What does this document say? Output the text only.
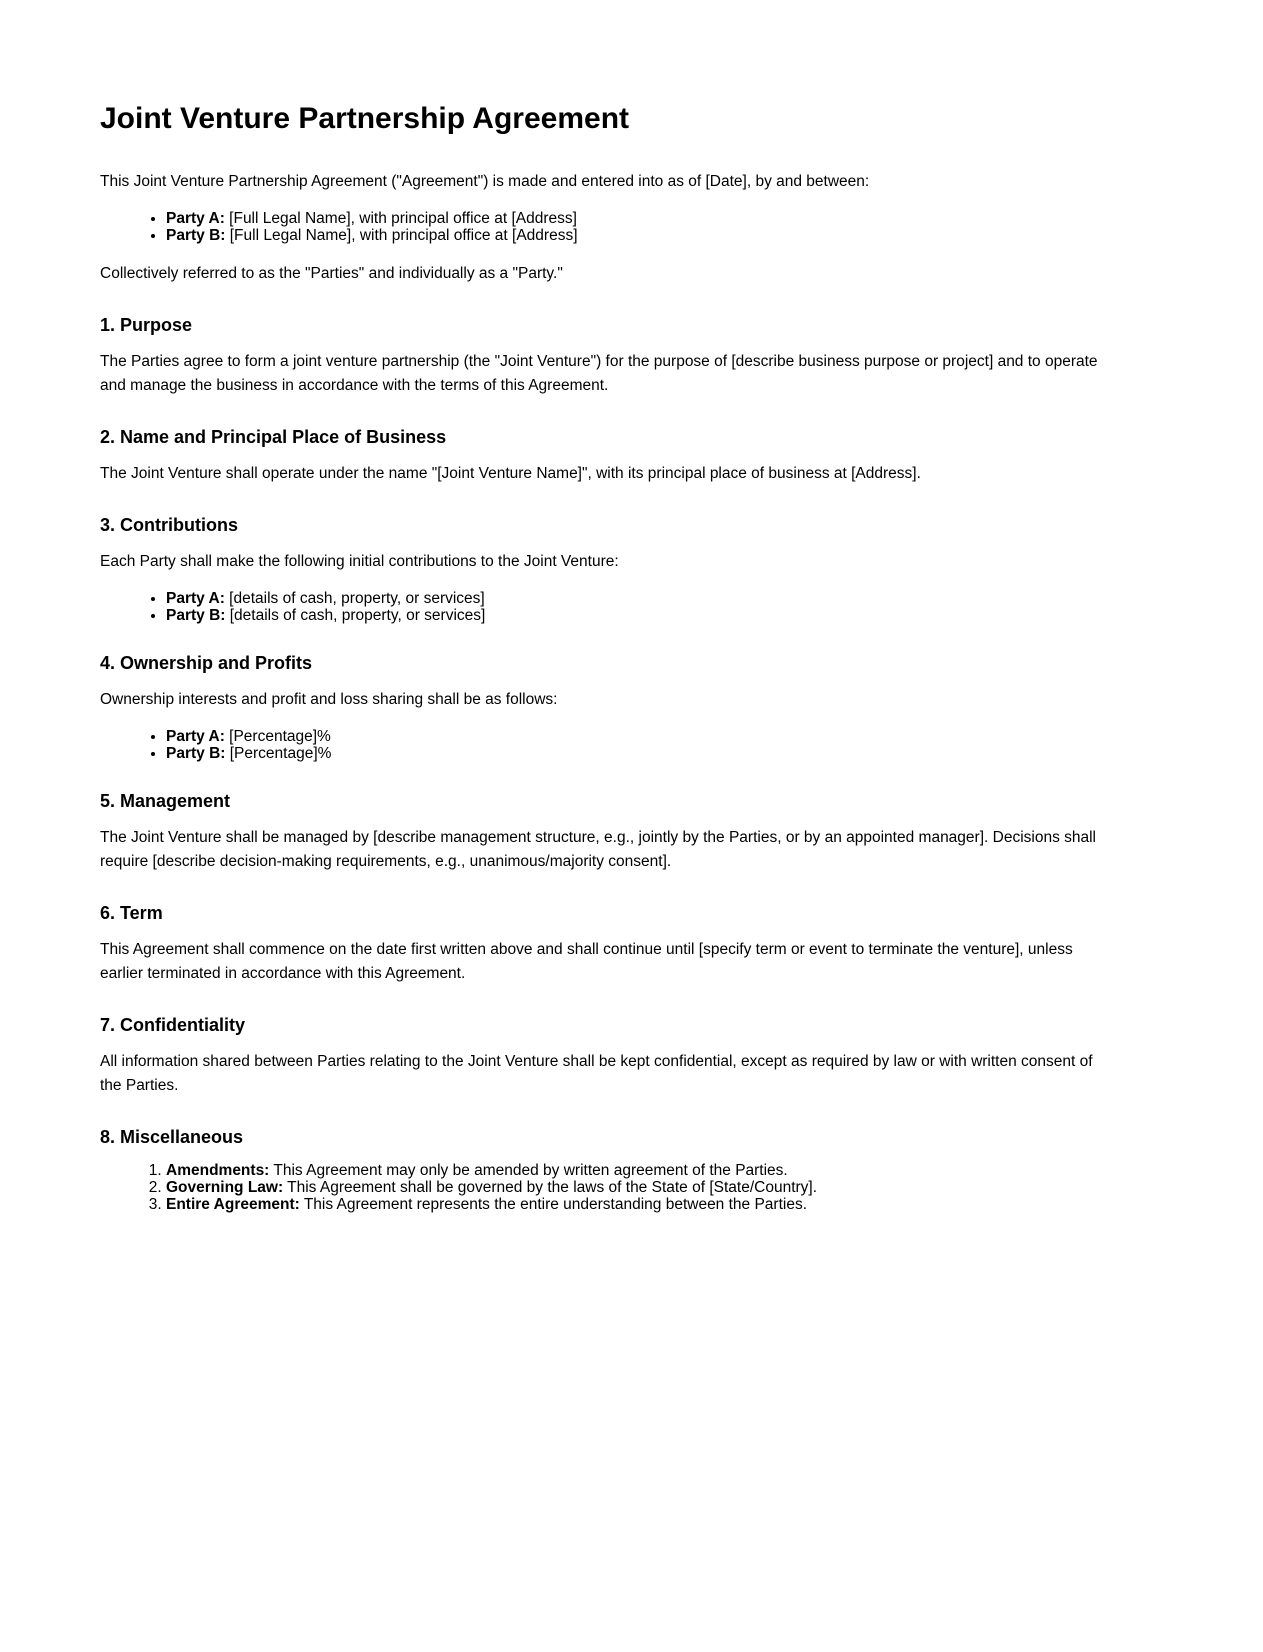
Joint Venture Partnership Agreement

This Joint Venture Partnership Agreement ("Agreement") is made and entered into as of [Date], by and between:

• Party A: [Full Legal Name], with principal office at [Address]
• Party B: [Full Legal Name], with principal office at [Address]

Collectively referred to as the "Parties" and individually as a "Party."

1. Purpose

The Parties agree to form a joint venture partnership (the "Joint Venture") for the purpose of [describe business purpose or project] and to operate and manage the business in accordance with the terms of this Agreement.

2. Name and Principal Place of Business

The Joint Venture shall operate under the name "[Joint Venture Name]", with its principal place of business at [Address].

3. Contributions

Each Party shall make the following initial contributions to the Joint Venture:

• Party A: [details of cash, property, or services]
• Party B: [details of cash, property, or services]
4. Ownership and Profits

Ownership interests and profit and loss sharing shall be as follows:

• Party A: [Percentage]%
• Party B: [Percentage]%
5. Management

The Joint Venture shall be managed by [describe management structure, e.g., jointly by the Parties, or by an appointed manager]. Decisions shall require [describe decision-making requirements, e.g., unanimous/majority consent].

6. Term

This Agreement shall commence on the date first written above and shall continue until [specify term or event to terminate the venture], unless earlier terminated in accordance with this Agreement.

7. Confidentiality

All information shared between Parties relating to the Joint Venture shall be kept confidential, except as required by law or with written consent of the Parties.

8. Miscellaneous
1. Amendments: This Agreement may only be amended by written agreement of the Parties.
2. Governing Law: This Agreement shall be governed by the laws of the State of [State/Country].
3. Entire Agreement: This Agreement represents the entire understanding between the Parties.
